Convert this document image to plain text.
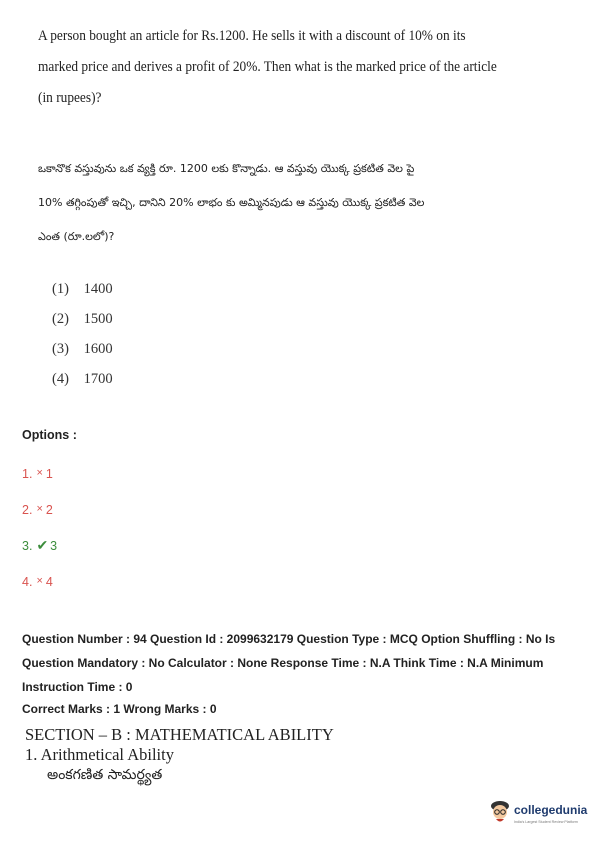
A person bought an article for Rs.1200. He sells it with a discount of 10% on its
marked price and derives a profit of 20%. Then what is the marked price of the article
(in rupees)?
ఒకానొక వస్తువును ఒక వ్యక్తి రూ. 1200 లకు కొన్నాడు. ఆ వస్తువు యొక్క ప్రకటిత వెల పై
10% తగ్గింపుతో ఇచ్చి, దానిని 20% లాభం కు అమ్మినపుడు ఆ వస్తువు యొక్క ప్రకటిత వెల
ఎంత (రూ.లలో)?
(1) 1400
(2) 1500
(3) 1600
(4) 1700
Options :
1. × 1
2. × 2
3. ✔ 3
4. × 4
Question Number : 94 Question Id : 2099632179 Question Type : MCQ Option Shuffling : No Is
Question Mandatory : No Calculator : None Response Time : N.A Think Time : N.A Minimum
Instruction Time : 0
Correct Marks : 1 Wrong Marks : 0
SECTION – B : MATHEMATICAL ABILITY
1. Arithmetical Ability
అంకగణిత సామర్థ్యత
collegedunia
India's Largest Student Review Platform
